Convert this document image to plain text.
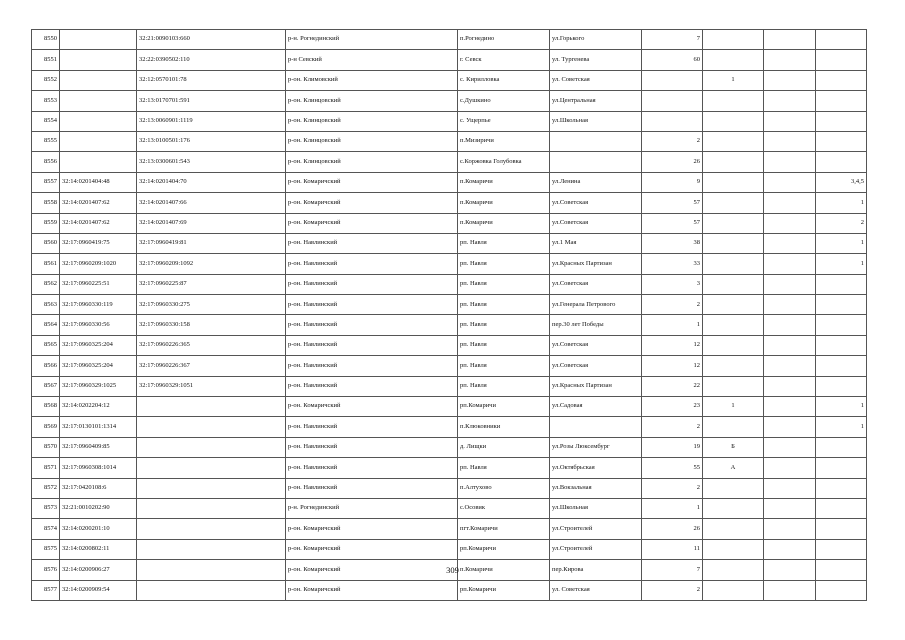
8550		32:21:0090103:660	р-н. Рогнединский	п.Рогнедино	ул.Горького	7			
8551		32:22:0390502:110	р-н Севский	г. Севск	ул. Тургенева	60			
8552		32:12:0570101:78	р-он. Климовский	с. Кирилловка	ул. Советская		1		
8553		32:13:0170701:591	р-он. Клинцовский	с.Душкино	ул.Центральная				
8554		32:13:0060901:1119	р-он. Клинцовский	с. Ущерпье	ул.Школьная				
8555		32:13:0100501:176	р-он. Клинцовский	п.Мизиричи		2			
8556		32:13:0300601:543	р-он. Клинцовский	с.Коржовка Голубовка		26			
8557	32:14:0201404:48	32:14:0201404:70	р-он. Комаричский	п.Комаричи	ул.Ленина	9			3,4,5
8558	32:14:0201407:62	32:14:0201407:66	р-он. Комаричский	п.Комаричи	ул.Советская	57			1
8559	32:14:0201407:62	32:14:0201407:69	р-он. Комаричский	п.Комаричи	ул.Советская	57			2
8560	32:17:0960419:75	32:17:0960419:81	р-он. Навлинский	рп. Навля	ул.1 Мая	38			1
8561	32:17:0960209:1020	32:17:0960209:1092	р-он. Навлинский	рп. Навля	ул.Красных Партизан	33			1
8562	32:17:0960225:51	32:17:0960225:87	р-он. Навлинский	рп. Навля	ул.Советская	3			
8563	32:17:0960330:119	32:17:0960330:275	р-он. Навлинский	рп. Навля	ул.Генерала Петрового	2			
8564	32:17:0960330:56	32:17:0960330:158	р-он. Навлинский	рп. Навля	пер.30 лет Победы	1			
8565	32:17:0960325:204	32:17:0960226:365	р-он. Навлинский	рп. Навля	ул.Советская	12			
8566	32:17:0960325:204	32:17:0960226:367	р-он. Навлинский	рп. Навля	ул.Советская	12			
8567	32:17:0960329:1025	32:17:0960329:1051	р-он. Навлинский	рп. Навля	ул.Красных Партизан	22			
8568	32:14:0202204:12		р-он. Комаричский	рп.Комаричи	ул.Садовая	23	1		1
8569	32:17:0130101:1314		р-он. Навлинский	п.Клюковники		2			1
8570	32:17:0960409:85		р-он. Навлинский	д. Лищки	ул.Розы Люксембург	19	Б		
8571	32:17:0960308:1014		р-он. Навлинский	рп. Навля	ул.Октябрьская	55	А		
8572	32:17:0420108:6		р-он. Навлинский	п.Алтухово	ул.Вокзальная	2			
8573	32:21:0010202:90		р-н. Рогнединский	с.Осовик	ул.Школьная	1			
8574	32:14:0200201:10		р-он. Комаричский	пгт.Комаричи	ул.Строителей	26			
8575	32:14:0200802:11		р-он. Комаричский	рп.Комаричи	ул.Строителей	11			
8576	32:14:0200906:27		р-он. Комаричский	п.Комаричи	пер.Кирова	7			
8577	32:14:0200909:54		р-он. Комаричский	рп.Комаричи	ул. Советская	2			
309
